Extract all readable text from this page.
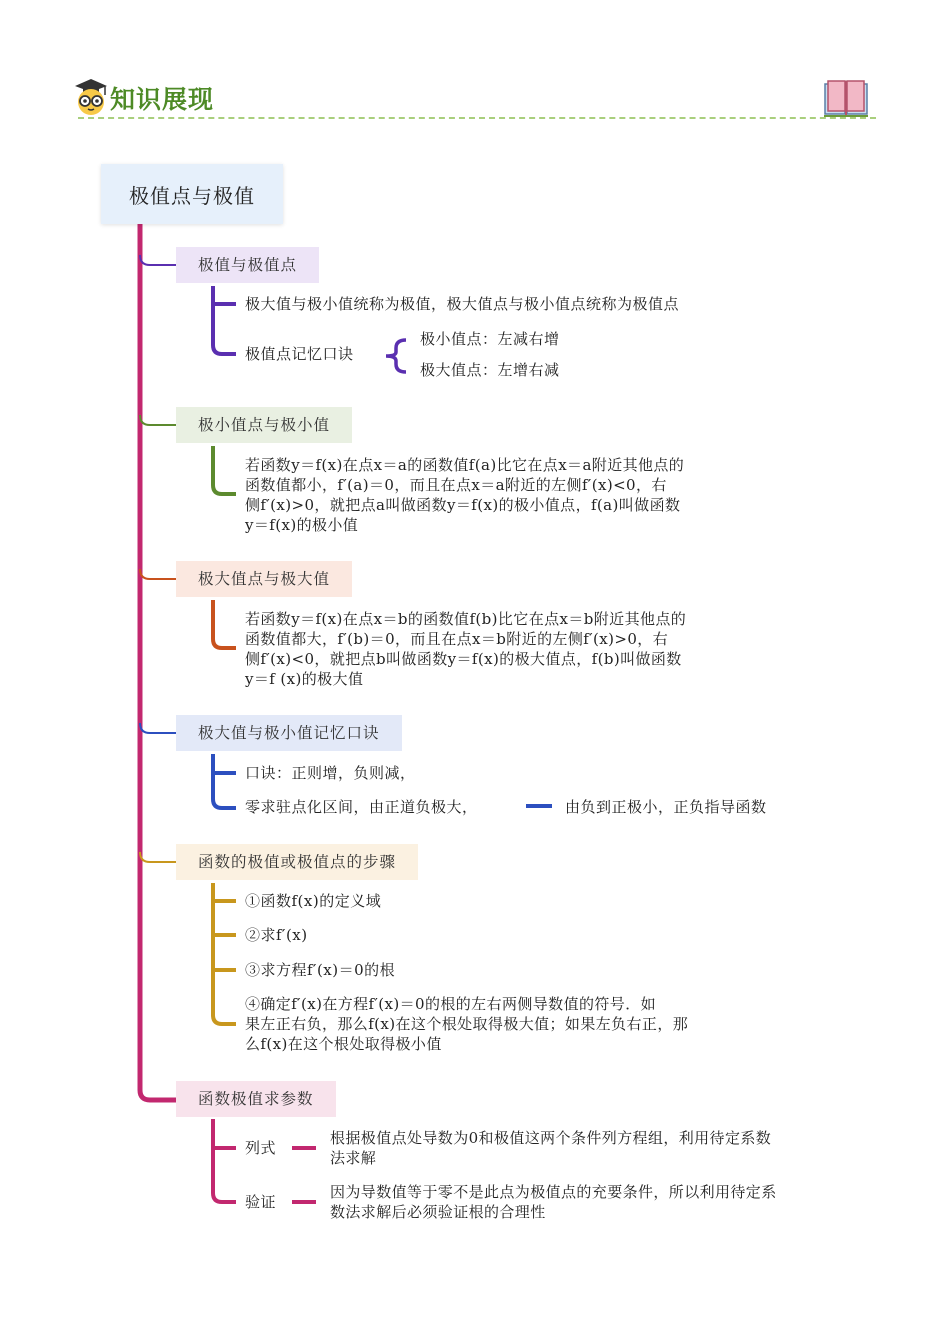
知识展现
极值点与极值
极值与极值点
极大值与极小值统称为极值，极大值点与极小值点统称为极值点
极值点记忆口诀
极小值点：左减右增
极大值点：左增右减
极小值点与极小值
若函数y＝f(x)在点x＝a的函数值f(a)比它在点x＝a附近其他点的
函数值都小，f′(a)＝0，而且在点x＝a附近的左侧f′(x)<0，右
侧f′(x)>0，就把点a叫做函数y＝f(x)的极小值点，f(a)叫做函数
y＝f(x)的极小值
极大值点与极大值
若函数y＝f(x)在点x＝b的函数值f(b)比它在点x＝b附近其他点的
函数值都大，f′(b)＝0，而且在点x＝b附近的左侧f′(x)>0，右
侧f′(x)<0，就把点b叫做函数y＝f(x)的极大值点，f(b)叫做函数
y＝f (x)的极大值
极大值与极小值记忆口诀
口诀：正则增，负则减，
零求驻点化区间，由正道负极大，	由负到正极小，正负指导函数
函数的极值或极值点的步骤
①函数f(x)的定义域
②求f′(x)
③求方程f′(x)＝0的根
④确定f′(x)在方程f′(x)＝0的根的左右两侧导数值的符号．如
果左正右负，那么f(x)在这个根处取得极大值；如果左负右正，那
么f(x)在这个根处取得极小值
函数极值求参数
列式
根据极值点处导数为0和极值这两个条件列方程组，利用待定系数
法求解
验证
因为导数值等于零不是此点为极值点的充要条件，所以利用待定系
数法求解后必须验证根的合理性
